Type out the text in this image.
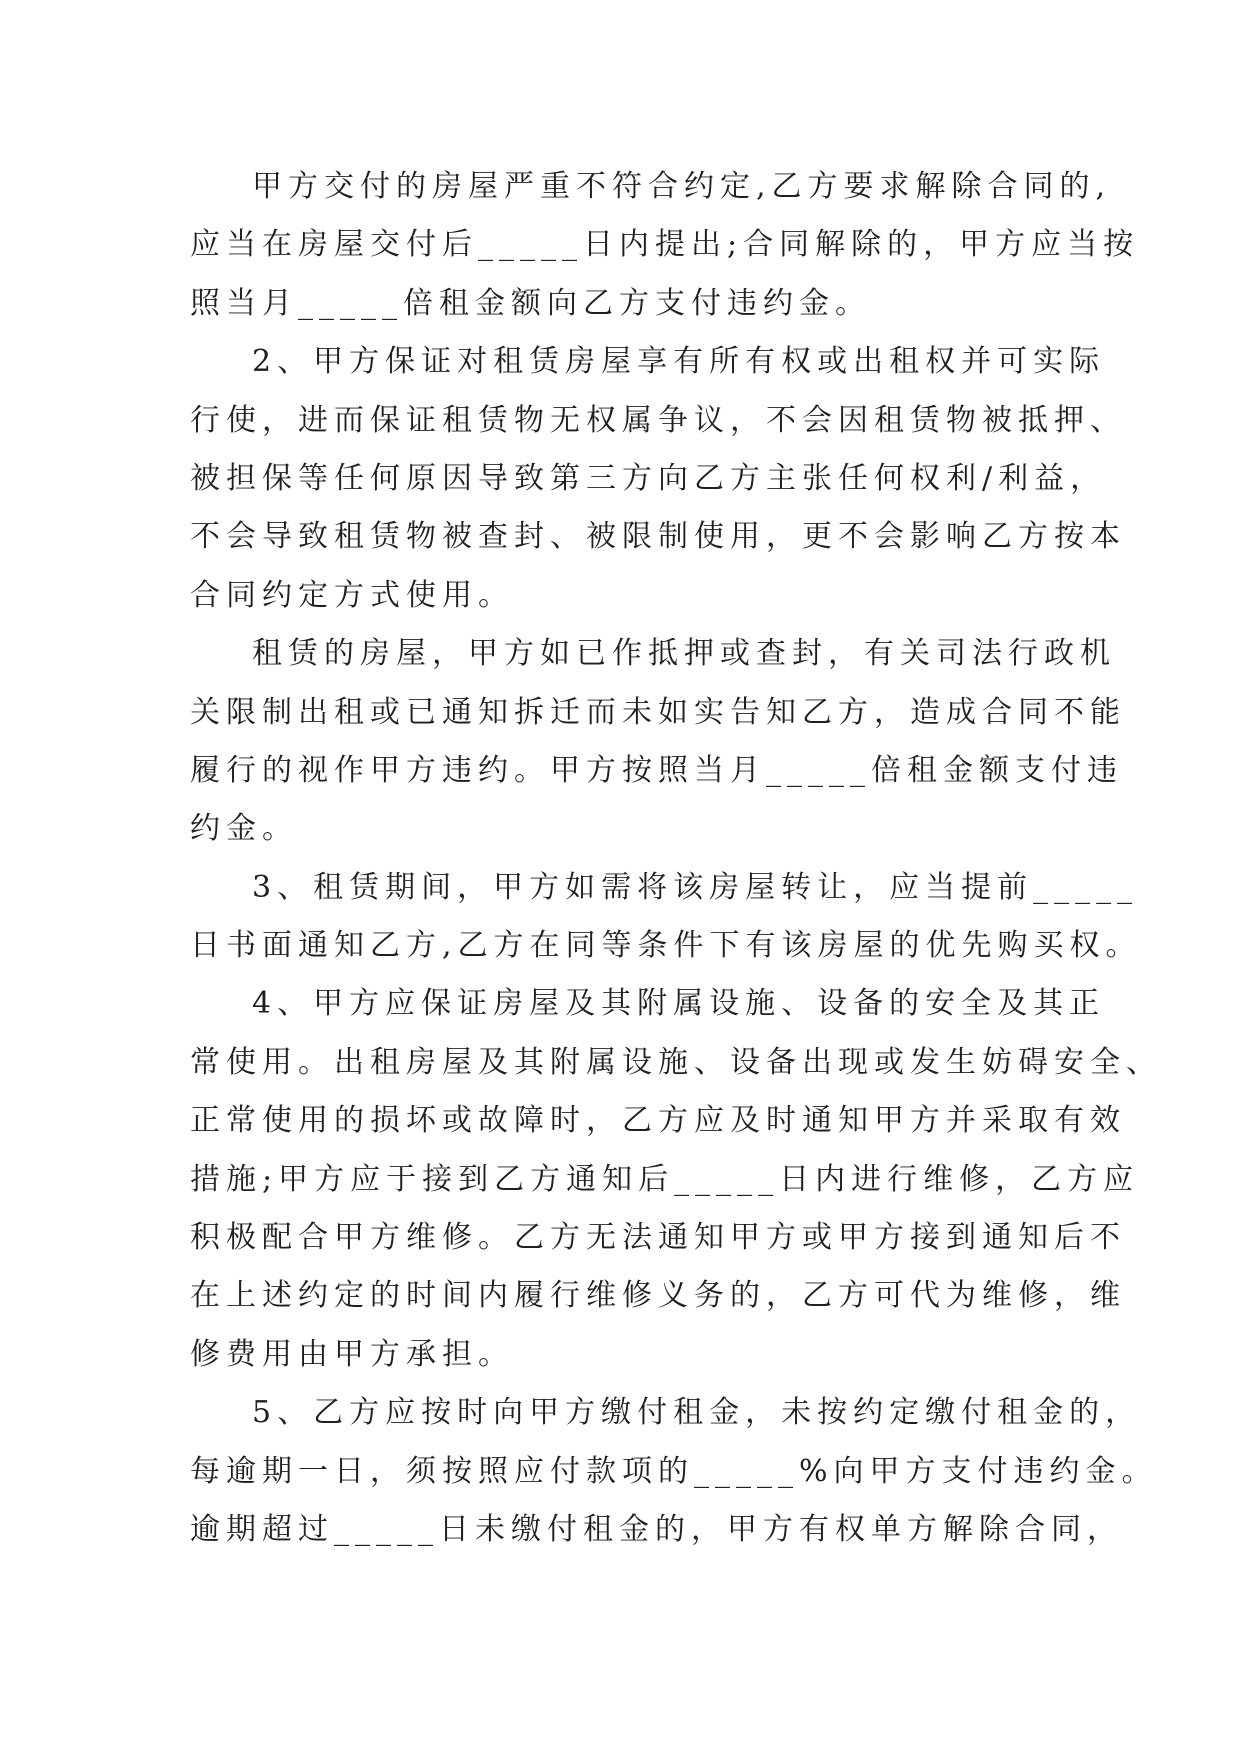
甲方交付的房屋严重不符合约定,乙方要求解除合同的,
应当在房屋交付后_____日内提出;合同解除的，甲方应当按
照当月_____倍租金额向乙方支付违约金。
2、甲方保证对租赁房屋享有所有权或出租权并可实际
行使，进而保证租赁物无权属争议，不会因租赁物被抵押、
被担保等任何原因导致第三方向乙方主张任何权利/利益，
不会导致租赁物被查封、被限制使用，更不会影响乙方按本
合同约定方式使用。
租赁的房屋，甲方如已作抵押或查封，有关司法行政机
关限制出租或已通知拆迁而未如实告知乙方，造成合同不能
履行的视作甲方违约。甲方按照当月_____倍租金额支付违
约金。
3、租赁期间，甲方如需将该房屋转让，应当提前_____
日书面通知乙方,乙方在同等条件下有该房屋的优先购买权。
4、甲方应保证房屋及其附属设施、设备的安全及其正
常使用。出租房屋及其附属设施、设备出现或发生妨碍安全、
正常使用的损坏或故障时，乙方应及时通知甲方并采取有效
措施;甲方应于接到乙方通知后_____日内进行维修，乙方应
积极配合甲方维修。乙方无法通知甲方或甲方接到通知后不
在上述约定的时间内履行维修义务的，乙方可代为维修，维
修费用由甲方承担。
5、乙方应按时向甲方缴付租金，未按约定缴付租金的，
每逾期一日，须按照应付款项的_____%向甲方支付违约金。
逾期超过_____日未缴付租金的，甲方有权单方解除合同，
